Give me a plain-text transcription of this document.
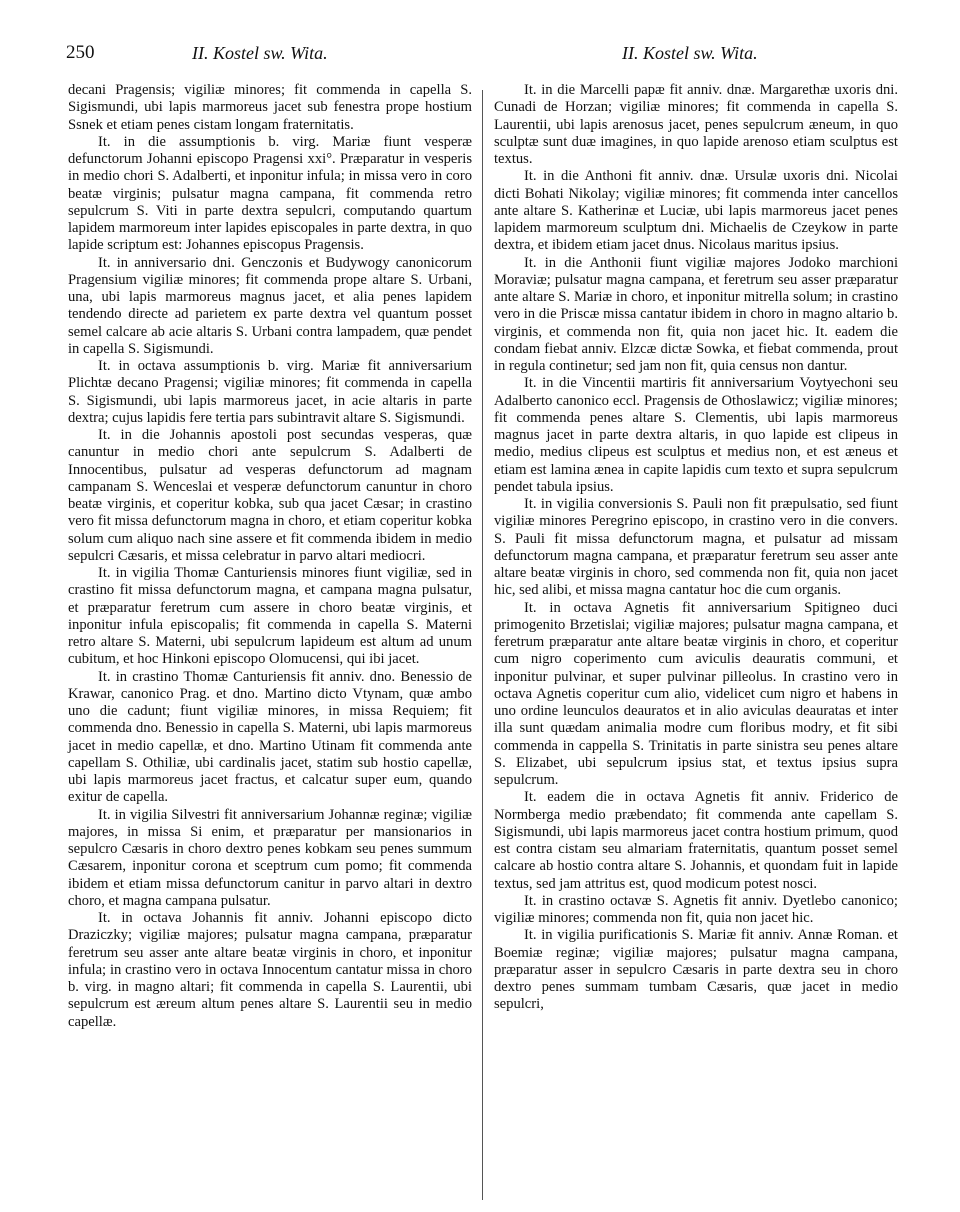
250	II. Kostel sw. Wita.	II. Kostel sw. Wita.

decani Pragensis; vigiliæ minores; fit commenda in capella S. Sigismundi, ubi lapis marmoreus jacet sub fenestra prope hostium Ssnek et etiam penes cistam longam fraternitatis.

It. in die assumptionis b. virg. Mariæ fiunt vesperæ defunctorum Johanni episcopo Pragensi xxi°. Præparatur in vesperis in medio chori S. Adalberti, et inponitur infula; in missa vero in coro beatæ virginis; pulsatur magna campana, fit commenda retro sepulcrum S. Viti in parte dextra sepulcri, computando quartum lapidem marmoreum inter lapides episcopales in parte dextra, in quo lapide scriptum est: Johannes episcopus Pragensis.

It. in anniversario dni. Genczonis et Budywogy canonicorum Pragensium vigiliæ minores; fit commenda prope altare S. Urbani, una, ubi lapis marmoreus magnus jacet, et alia penes lapidem tendendo directe ad parietem ex parte dextra vel quantum posset semel calcare ab acie altaris S. Urbani contra lampadem, quæ pendet in capella S. Sigismundi.

It. in octava assumptionis b. virg. Mariæ fit anniversarium Plichtæ decano Pragensi; vigiliæ minores; fit commenda in capella S. Sigismundi, ubi lapis marmoreus jacet, in acie altaris in parte dextra; cujus lapidis fere tertia pars subintravit altare S. Sigismundi.

It. in die Johannis apostoli post secundas vesperas, quæ canuntur in medio chori ante sepulcrum S. Adalberti de Innocentibus, pulsatur ad vesperas defunctorum ad magnam campanam S. Wenceslai et vesperæ defunctorum canuntur in choro beatæ virginis, et coperitur kobka, sub qua jacet Cæsar; in crastino vero fit missa defunctorum magna in choro, et etiam coperitur kobka solum cum aliquo nach sine assere et fit commenda ibidem in medio sepulcri Cæsaris, et missa celebratur in parvo altari mediocri.

It. in vigilia Thomæ Canturiensis minores fiunt vigiliæ, sed in crastino fit missa defunctorum magna, et campana magna pulsatur, et præparatur feretrum cum assere in choro beatæ virginis, et inponitur infula episcopalis; fit commenda in capella S. Materni retro altare S. Materni, ubi sepulcrum lapideum est altum ad unum cubitum, et hoc Hinkoni episcopo Olomucensi, qui ibi jacet.

It. in crastino Thomæ Canturiensis fit anniv. dno. Benessio de Krawar, canonico Prag. et dno. Martino dicto Vtynam, quæ ambo uno die cadunt; fiunt vigiliæ minores, in missa Requiem; fit commenda dno. Benessio in capella S. Materni, ubi lapis marmoreus jacet in medio capellæ, et dno. Martino Utinam fit commenda ante capellam S. Othiliæ, ubi cardinalis jacet, statim sub hostio capellæ, ubi lapis marmoreus jacet fractus, et calcatur super eum, quando exitur de capella.

It. in vigilia Silvestri fit anniversarium Johannæ reginæ; vigiliæ majores, in missa Si enim, et præparatur per mansionarios in sepulcro Cæsaris in choro dextro penes kobkam seu penes summum Cæsarem, inponitur corona et sceptrum cum pomo; fit commenda ibidem et etiam missa defunctorum canitur in parvo altari in dextro choro, et magna campana pulsatur.

It. in octava Johannis fit anniv. Johanni episcopo dicto Draziczky; vigiliæ majores; pulsatur magna campana, præparatur feretrum seu asser ante altare beatæ virginis in choro, et inponitur infula; in crastino vero in octava Innocentum cantatur missa in choro b. virg. in magno altari; fit commenda in capella S. Laurentii, ubi sepulcrum est æreum altum penes altare S. Laurentii seu in medio capellæ.

It. in die Marcelli papæ fit anniv. dnæ. Margarethæ uxoris dni. Cunadi de Horzan; vigiliæ minores; fit commenda in capella S. Laurentii, ubi lapis arenosus jacet, penes sepulcrum æneum, in quo sculptæ sunt duæ imagines, in quo lapide arenoso etiam sculptus est textus.

It. in die Anthoni fit anniv. dnæ. Ursulæ uxoris dni. Nicolai dicti Bohati Nikolay; vigiliæ minores; fit commenda inter cancellos ante altare S. Katherinæ et Luciæ, ubi lapis marmoreus jacet penes lapidem marmoreum sculptum dni. Michaelis de Czeykow in parte dextra, et ibidem etiam jacet dnus. Nicolaus maritus ipsius.

It. in die Anthonii fiunt vigiliæ majores Jodoko marchioni Moraviæ; pulsatur magna campana, et feretrum seu asser præparatur ante altare S. Mariæ in choro, et inponitur mitrella solum; in crastino vero in die Priscæ missa cantatur ibidem in choro in magno altario b. virginis, et commenda non fit, quia non jacet hic. It. eadem die condam fiebat anniv. Elzcæ dictæ Sowka, et fiebat commenda, prout in regula continetur; sed jam non fit, quia census non dantur.

It. in die Vincentii martiris fit anniversarium Voytyechoni seu Adalberto canonico eccl. Pragensis de Othoslawicz; vigiliæ minores; fit commenda penes altare S. Clementis, ubi lapis marmoreus magnus jacet in parte dextra altaris, in quo lapide est clipeus in medio, medius clipeus est sculptus et medius non, et est æneus et etiam est lamina ænea in capite lapidis cum texto et supra sepulcrum pendet tabula ipsius.

It. in vigilia conversionis S. Pauli non fit præpulsatio, sed fiunt vigiliæ minores Peregrino episcopo, in crastino vero in die convers. S. Pauli fit missa defunctorum magna, et pulsatur ad missam defunctorum magna campana, et præparatur feretrum seu asser ante altare beatæ virginis in choro, sed commenda non fit, quia non jacet hic, sed alibi, et missa magna cantatur hoc die cum organis.

It. in octava Agnetis fit anniversarium Spitigneo duci primogenito Brzetislai; vigiliæ majores; pulsatur magna campana, et feretrum præparatur ante altare beatæ virginis in choro, et coperitur cum nigro coperimento cum aviculis deauratis communi, et inponitur pulvinar, et super pulvinar pilleolus. In crastino vero in octava Agnetis coperitur cum alio, videlicet cum nigro et habens in uno ordine leunculos deauratos et in alio aviculas deauratas et inter illa sunt quædam animalia modre cum floribus modry, et fit sibi commenda in cappella S. Trinitatis in parte sinistra seu penes altare S. Elizabet, ubi sepulcrum ipsius stat, et textus ipsius supra sepulcrum.

It. eadem die in octava Agnetis fit anniv. Friderico de Normberga medio præbendato; fit commenda ante capellam S. Sigismundi, ubi lapis marmoreus jacet contra hostium primum, quod est contra cistam seu almariam fraternitatis, quantum posset semel calcare ab hostio contra altare S. Johannis, et quondam fuit in lapide textus, sed jam attritus est, quod modicum potest nosci.

It. in crastino octavæ S. Agnetis fit anniv. Dyetlebo canonico; vigiliæ minores; commenda non fit, quia non jacet hic.

It. in vigilia purificationis S. Mariæ fit anniv. Annæ Roman. et Boemiæ reginæ; vigiliæ majores; pulsatur magna campana, præparatur asser in sepulcro Cæsaris in parte dextra seu in choro dextro penes summam tumbam Cæsaris, quæ jacet in medio sepulcri,
